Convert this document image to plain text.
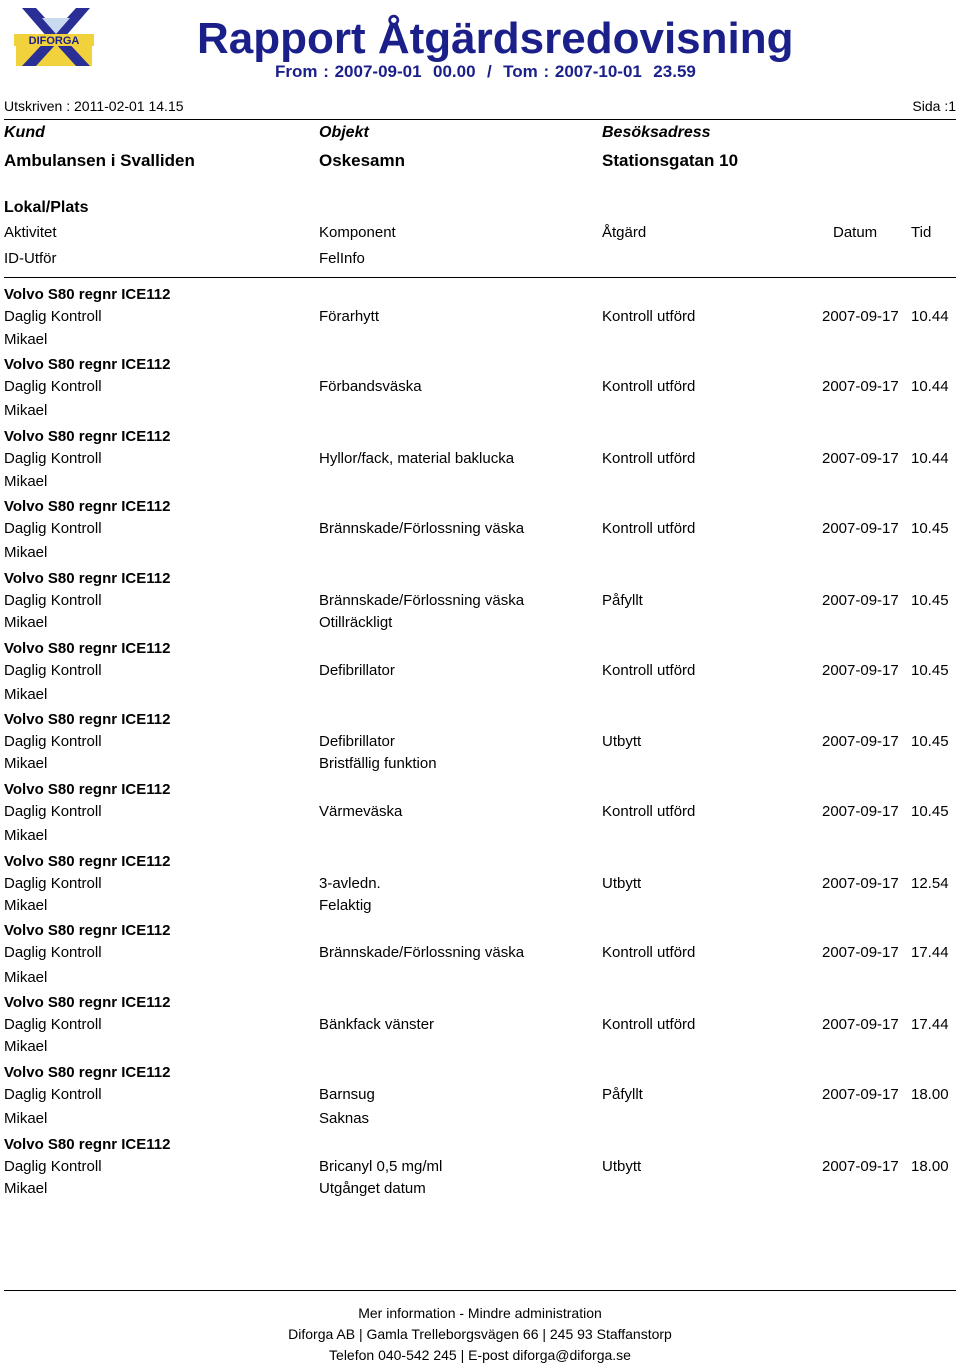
DIFORGA	Rapport Åtgärdsredovisning
From : 2007-09-01  00.00  /  Tom : 2007-10-01  23.59
Utskriven : 2011-02-01 14.15	Sida :1
Kund	Objekt	Besöksadress
Ambulansen i Svalliden	Oskesamn	Stationsgatan 10
Lokal/Plats
Aktivitet	Komponent	Åtgärd	Datum Tid
ID-Utför	FelInfo
Volvo S80 regnr ICE112
Daglig Kontroll	Förarhytt	Kontroll utförd	2007-09-17 10.44
Mikael
Volvo S80 regnr ICE112
Daglig Kontroll	Förbandsväska	Kontroll utförd	2007-09-17 10.44
Mikael
Volvo S80 regnr ICE112
Daglig Kontroll	Hyllor/fack, material baklucka	Kontroll utförd	2007-09-17 10.44
Mikael
Volvo S80 regnr ICE112
Daglig Kontroll	Brännskade/Förlossning väska	Kontroll utförd	2007-09-17 10.45
Mikael
Volvo S80 regnr ICE112
Daglig Kontroll	Brännskade/Förlossning väska	Påfyllt	2007-09-17 10.45
Mikael	Otillräckligt
Volvo S80 regnr ICE112
Daglig Kontroll	Defibrillator	Kontroll utförd	2007-09-17 10.45
Mikael
Volvo S80 regnr ICE112
Daglig Kontroll	Defibrillator	Utbytt	2007-09-17 10.45
Mikael	Bristfällig funktion
Volvo S80 regnr ICE112
Daglig Kontroll	Värmeväska	Kontroll utförd	2007-09-17 10.45
Mikael
Volvo S80 regnr ICE112
Daglig Kontroll	3-avledn.	Utbytt	2007-09-17 12.54
Mikael	Felaktig
Volvo S80 regnr ICE112
Daglig Kontroll	Brännskade/Förlossning väska	Kontroll utförd	2007-09-17 17.44
Mikael
Volvo S80 regnr ICE112
Daglig Kontroll	Bänkfack vänster	Kontroll utförd	2007-09-17 17.44
Mikael
Volvo S80 regnr ICE112
Daglig Kontroll	Barnsug	Påfyllt	2007-09-17 18.00
Mikael	Saknas
Volvo S80 regnr ICE112
Daglig Kontroll	Bricanyl 0,5 mg/ml	Utbytt	2007-09-17 18.00
Mikael	Utgånget datum
Mer information - Mindre administration
Diforga AB | Gamla Trelleborgsvägen 66 | 245 93 Staffanstorp
Telefon 040-542 245 | E-post diforga@diforga.se
